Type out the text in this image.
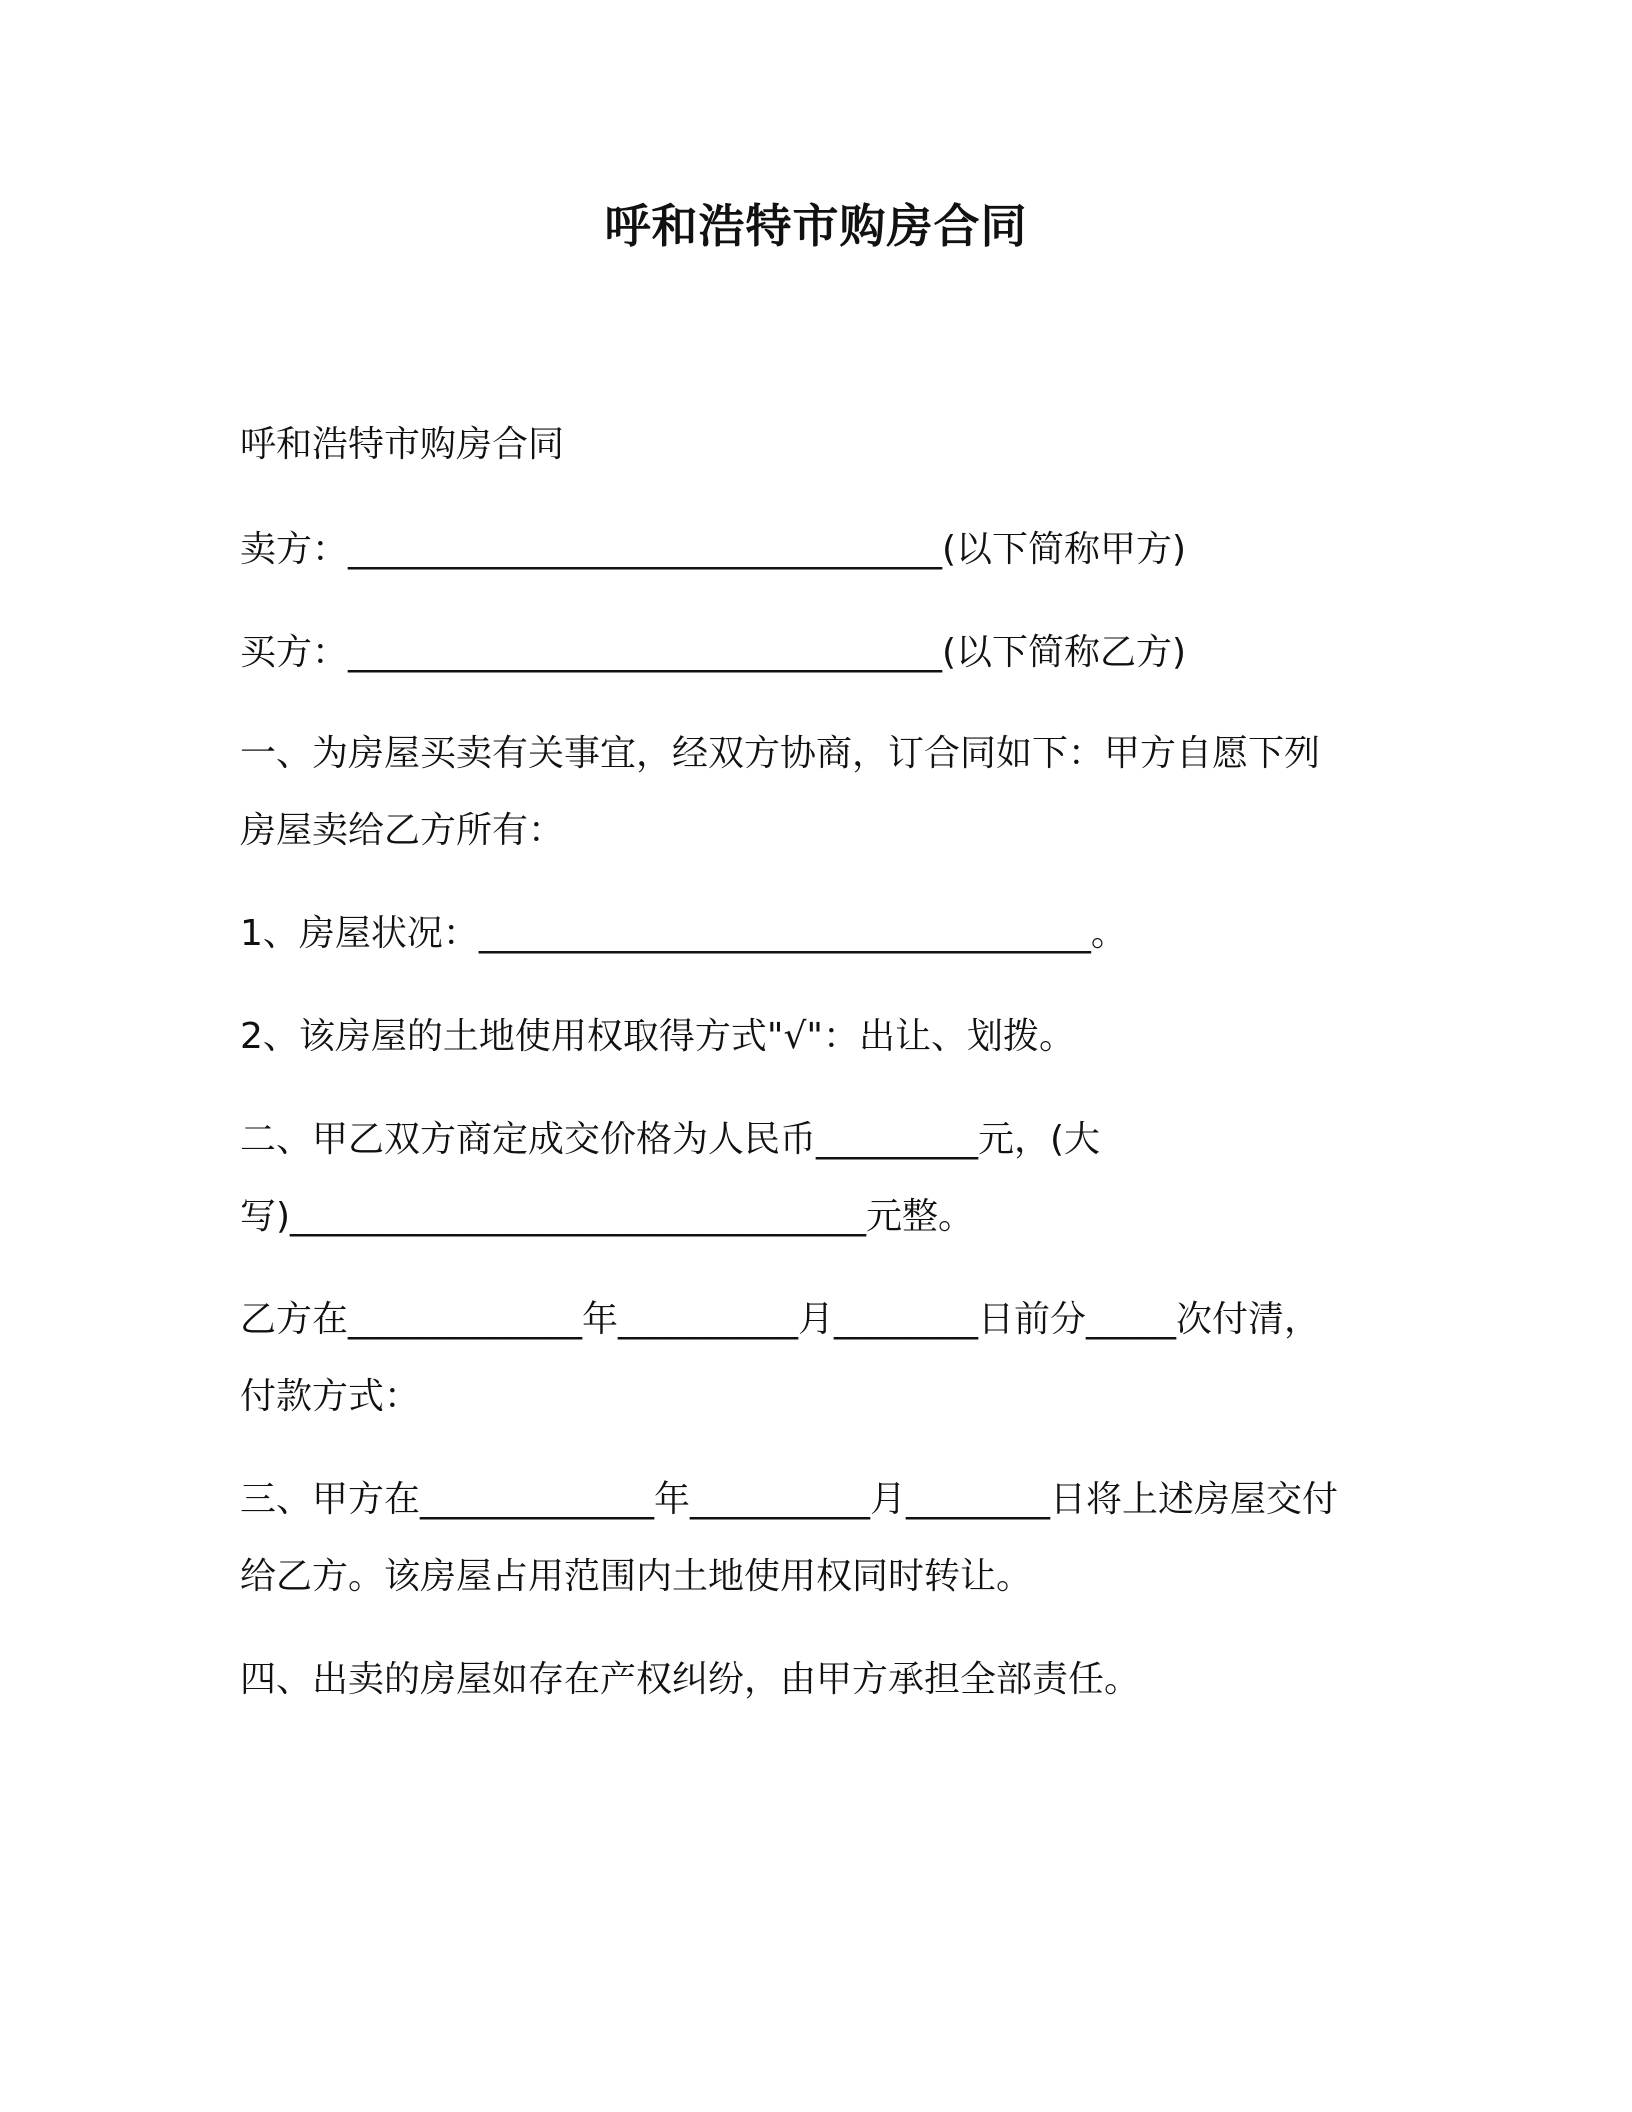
呼和浩特市购房合同
呼和浩特市购房合同
卖方：_________________________________(以下简称甲方)
买方：_________________________________(以下简称乙方)
一、为房屋买卖有关事宜，经双方协商，订合同如下：甲方自愿下列
房屋卖给乙方所有：
1、房屋状况：__________________________________。
2、该房屋的土地使用权取得方式"√"：出让、划拨。
二、甲乙双方商定成交价格为人民币_________元，(大
写)________________________________元整。
乙方在_____________年__________月________日前分_____次付清，
付款方式：
三、甲方在_____________年__________月________日将上述房屋交付
给乙方。该房屋占用范围内土地使用权同时转让。
四、出卖的房屋如存在产权纠纷，由甲方承担全部责任。
